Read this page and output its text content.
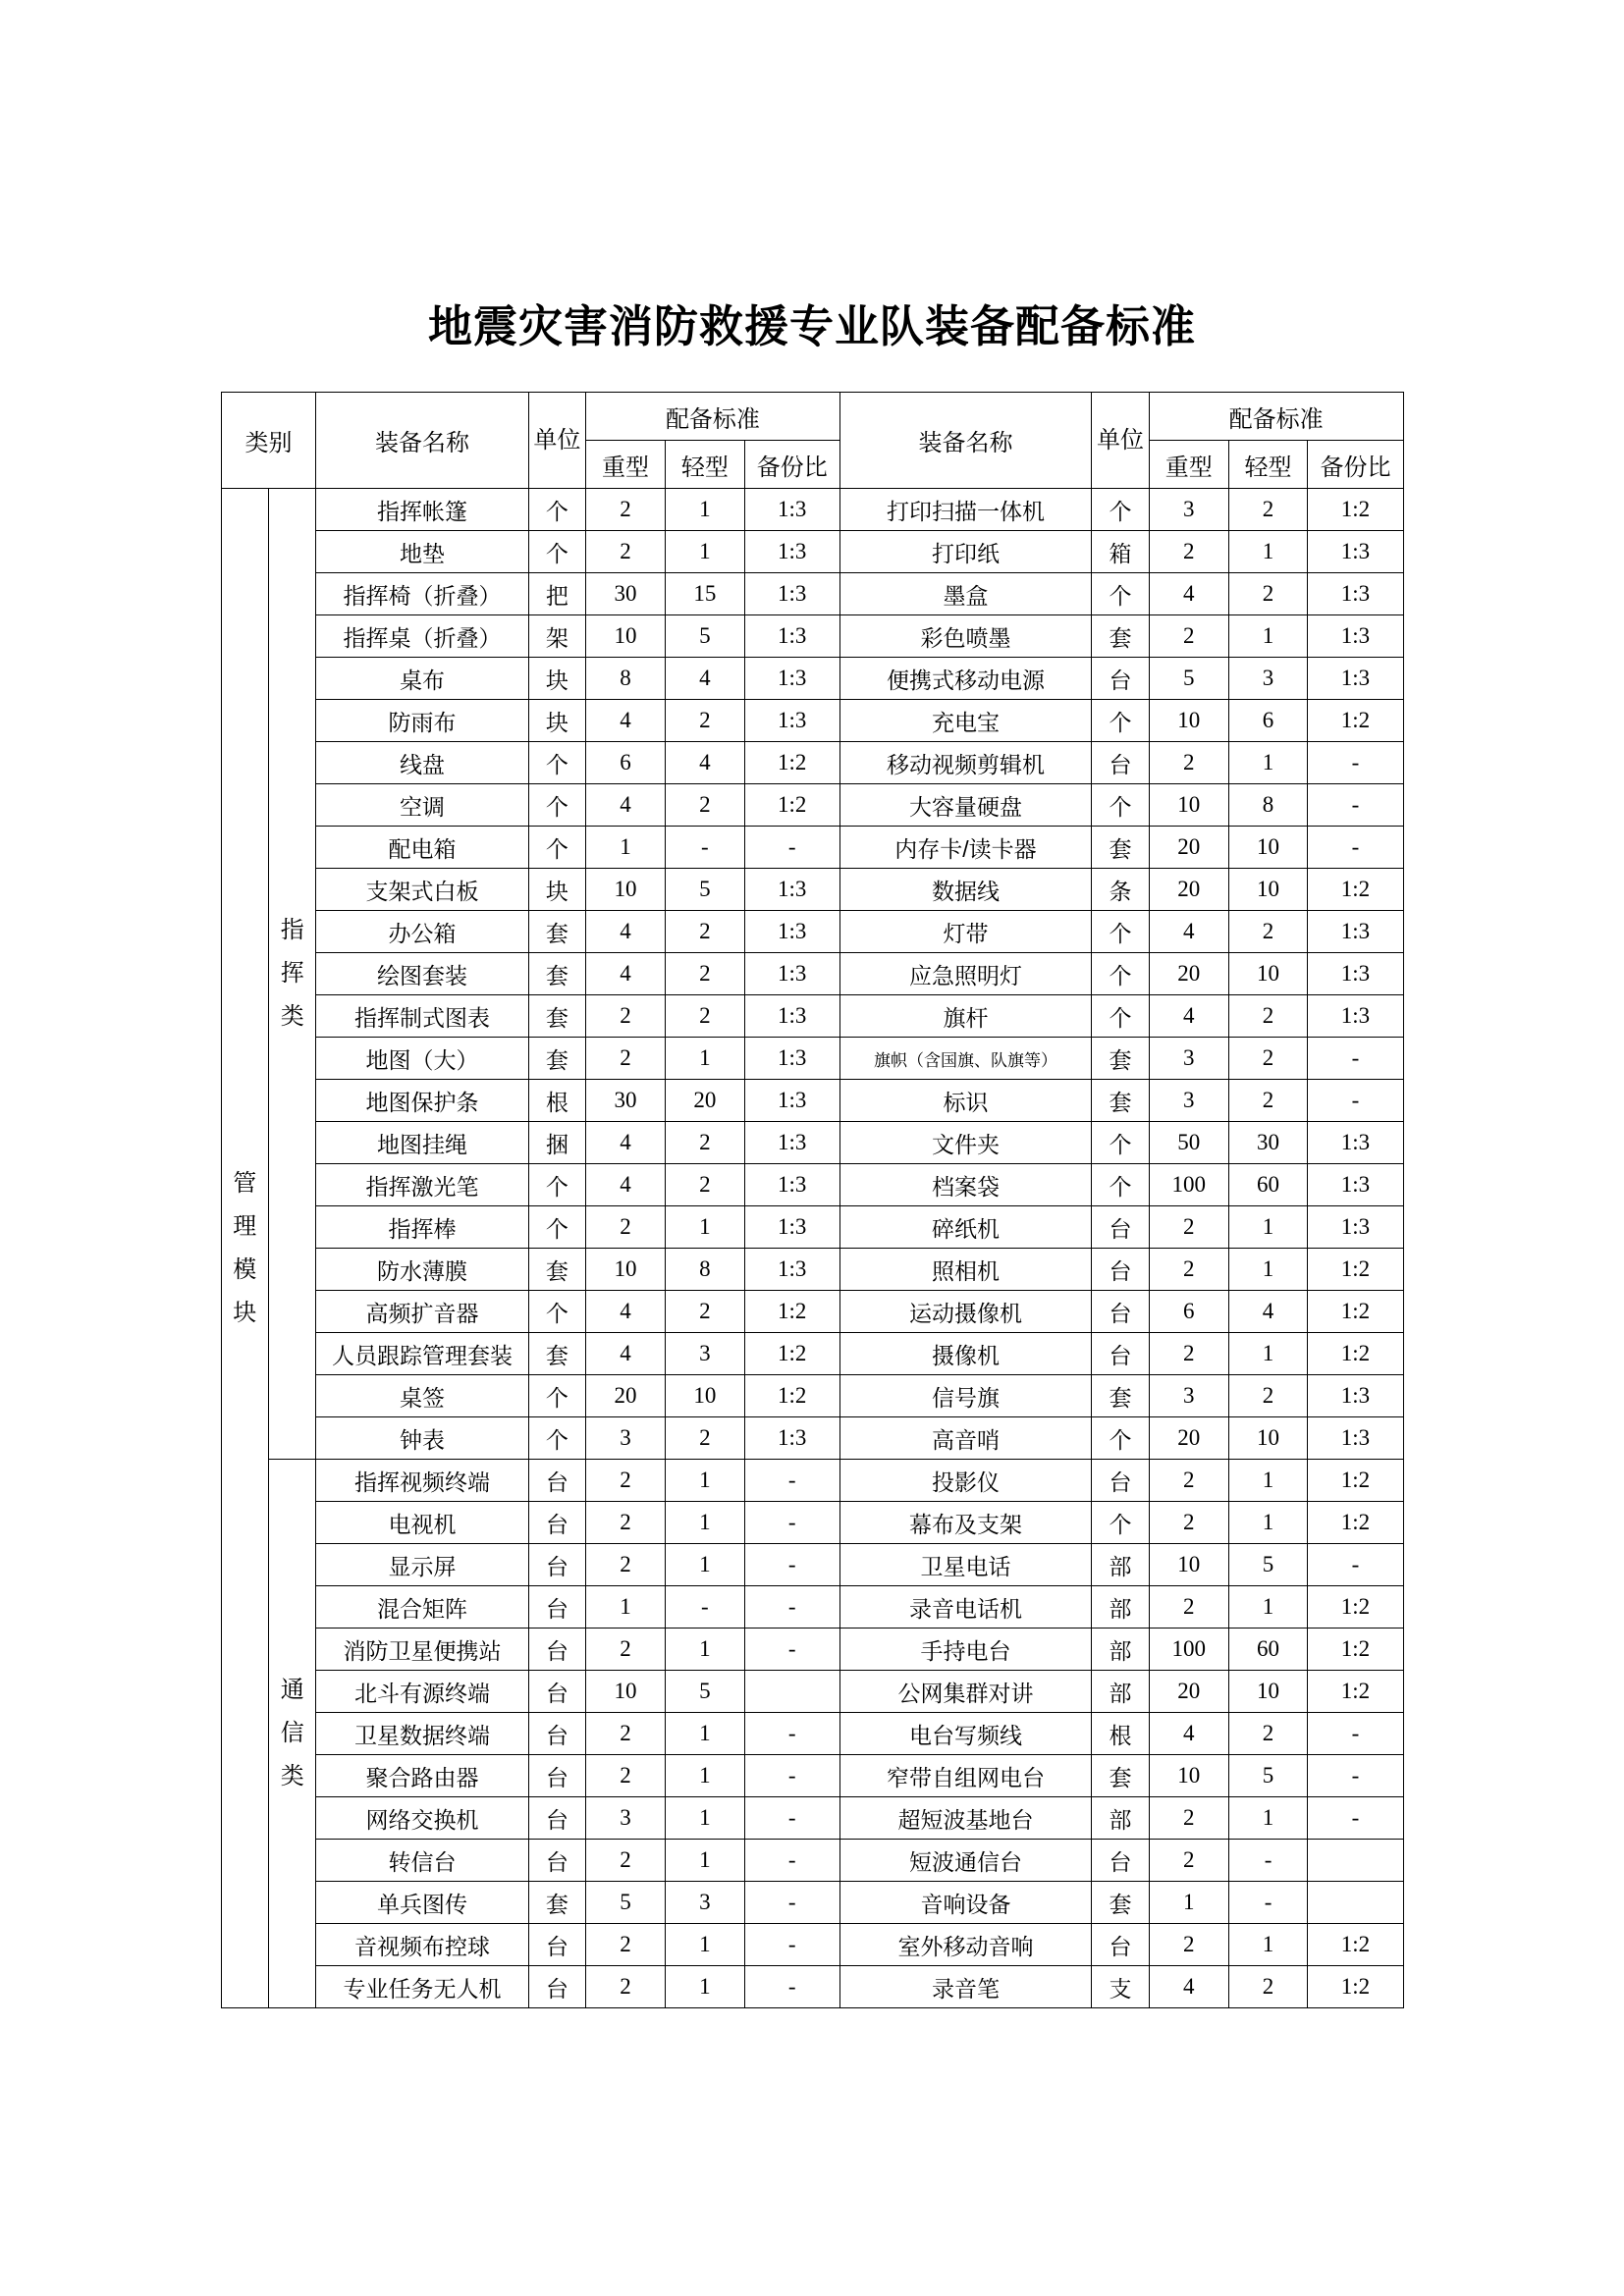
地震灾害消防救援专业队装备配备标准
类别		装备名称	单位	配备标准			装备名称	单位	配备标准		
				重型	轻型	备份比			重型	轻型	备份比
管理模块	指挥类	指挥帐篷	个	2	1	1:3	打印扫描一体机	个	3	2	1:2
		地垫	个	2	1	1:3	打印纸	箱	2	1	1:3
		指挥椅（折叠）	把	30	15	1:3	墨盒	个	4	2	1:3
		指挥桌（折叠）	架	10	5	1:3	彩色喷墨	套	2	1	1:3
		桌布	块	8	4	1:3	便携式移动电源	台	5	3	1:3
		防雨布	块	4	2	1:3	充电宝	个	10	6	1:2
		线盘	个	6	4	1:2	移动视频剪辑机	台	2	1	-
		空调	个	4	2	1:2	大容量硬盘	个	10	8	-
		配电箱	个	1	-	-	内存卡/读卡器	套	20	10	-
		支架式白板	块	10	5	1:3	数据线	条	20	10	1:2
		办公箱	套	4	2	1:3	灯带	个	4	2	1:3
		绘图套装	套	4	2	1:3	应急照明灯	个	20	10	1:3
		指挥制式图表	套	2	2	1:3	旗杆	个	4	2	1:3
		地图（大）	套	2	1	1:3	旗帜（含国旗、队旗等）	套	3	2	-
		地图保护条	根	30	20	1:3	标识	套	3	2	-
		地图挂绳	捆	4	2	1:3	文件夹	个	50	30	1:3
		指挥激光笔	个	4	2	1:3	档案袋	个	100	60	1:3
		指挥棒	个	2	1	1:3	碎纸机	台	2	1	1:3
		防水薄膜	套	10	8	1:3	照相机	台	2	1	1:2
		高频扩音器	个	4	2	1:2	运动摄像机	台	6	4	1:2
		人员跟踪管理套装	套	4	3	1:2	摄像机	台	2	1	1:2
		桌签	个	20	10	1:2	信号旗	套	3	2	1:3
		钟表	个	3	2	1:3	高音哨	个	20	10	1:3
	通信类	指挥视频终端	台	2	1	-	投影仪	台	2	1	1:2
		电视机	台	2	1	-	幕布及支架	个	2	1	1:2
		显示屏	台	2	1	-	卫星电话	部	10	5	-
		混合矩阵	台	1	-	-	录音电话机	部	2	1	1:2
		消防卫星便携站	台	2	1	-	手持电台	部	100	60	1:2
		北斗有源终端	台	10	5		公网集群对讲	部	20	10	1:2
		卫星数据终端	台	2	1	-	电台写频线	根	4	2	-
		聚合路由器	台	2	1	-	窄带自组网电台	套	10	5	-
		网络交换机	台	3	1	-	超短波基地台	部	2	1	-
		转信台	台	2	1	-	短波通信台	台	2	-	
		单兵图传	套	5	3	-	音响设备	套	1	-	
		音视频布控球	台	2	1	-	室外移动音响	台	2	1	1:2
		专业任务无人机	台	2	1	-	录音笔	支	4	2	1:2
